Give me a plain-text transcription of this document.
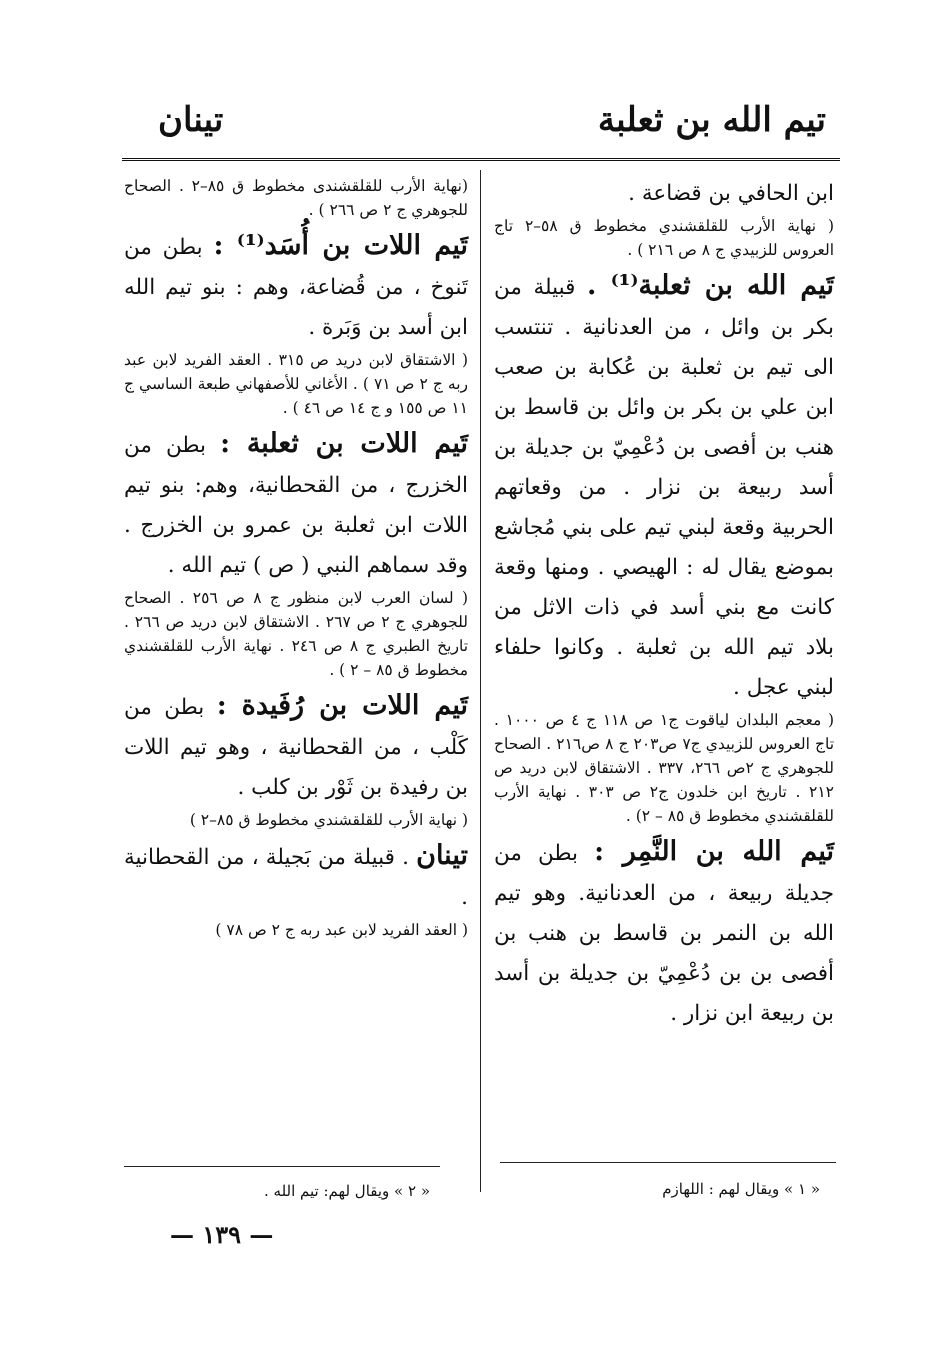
تيم الله بن ثعلبة
تينان

ابن الحافي بن قضاعة .

( نهاية الأرب للقلقشندي مخطوط ق ٥٨–٢ تاج العروس للزبيدي ج ٨ ص ٢١٦ ) .

تَيم الله بن ثعلبة⁽¹⁾ . قبيلة من بكر بن وائل ، من العدنانية . تنتسب الى تيم بن ثعلبة بن عُكابة بن صعب ابن علي بن بكر بن وائل بن قاسط بن هنب بن أفصى بن دُعْمِيّ بن جديلة بن أسد ربيعة بن نزار . من وقعاتهم الحربية وقعة لبني تيم على بني مُجاشع بموضع يقال له : الهيصي . ومنها وقعة كانت مع بني أسد في ذات الاثل من بلاد تيم الله بن ثعلبة . وكانوا حلفاء لبني عجل .

( معجم البلدان لياقوت ج١ ص ١١٨ ج ٤ ص ١٠٠٠ . تاج العروس للزبيدي ج٧ ص٢٠٣ ج ٨ ص٢١٦ . الصحاح للجوهري ج ٢ص ٢٦٦، ٣٣٧ . الاشتقاق لابن دريد ص ٢١٢ . تاريخ ابن خلدون ج٢ ص ٣٠٣ . نهاية الأرب للقلقشندي مخطوط ق ٨٥ – ٢) .

تَيم الله بن النَّمِر : بطن من جديلة ربيعة ، من العدنانية. وهو تيم الله بن النمر بن قاسط بن هنب بن أفصى بن بن دُعْمِيّ بن جديلة بن أسد بن ربيعة ابن نزار .

(نهاية الأرب للقلقشندى مخطوط ق ٨٥–٢ . الصحاح للجوهري ج ٢ ص ٢٦٦ ) .

تَيم اللات بن أُسَد⁽¹⁾ : بطن من تَنوخ ، من قُضاعة، وهم : بنو تيم الله ابن أسد بن وَبَرة .

( الاشتقاق لابن دريد ص ٣١٥ . العقد الفريد لابن عبد ربه ج ٢ ص ٧١ ) . الأغاني للأصفهاني طبعة الساسي ج ١١ ص ١٥٥ و ج ١٤ ص ٤٦ ) .

تَيم اللات بن ثعلبة : بطن من الخزرج ، من القحطانية، وهم: بنو تيم اللات ابن ثعلبة بن عمرو بن الخزرج . وقد سماهم النبي ( ص ) تيم الله .

( لسان العرب لابن منظور ج ٨ ص ٢٥٦ . الصحاح للجوهري ج ٢ ص ٢٦٧ . الاشتقاق لابن دريد ص ٢٦٦ . تاريخ الطبري ج ٨ ص ٢٤٦ . نهاية الأرب للقلقشندي مخطوط ق ٨٥ – ٢ ) .

تَيم اللات بن رُفَيدة : بطن من كَلْب ، من القحطانية ، وهو تيم اللات بن رفيدة بن ثَوْر بن كلب .

( نهاية الأرب للقلقشندي مخطوط ق ٨٥–٢ )

تينان . قبيلة من بَجيلة ، من القحطانية .

( العقد الفريد لابن عبد ربه ج ٢ ص ٧٨ )

« ١ » ويقال لهم : اللهازم
« ٢ » ويقال لهم: تيم الله .
— ١٣٩ —
